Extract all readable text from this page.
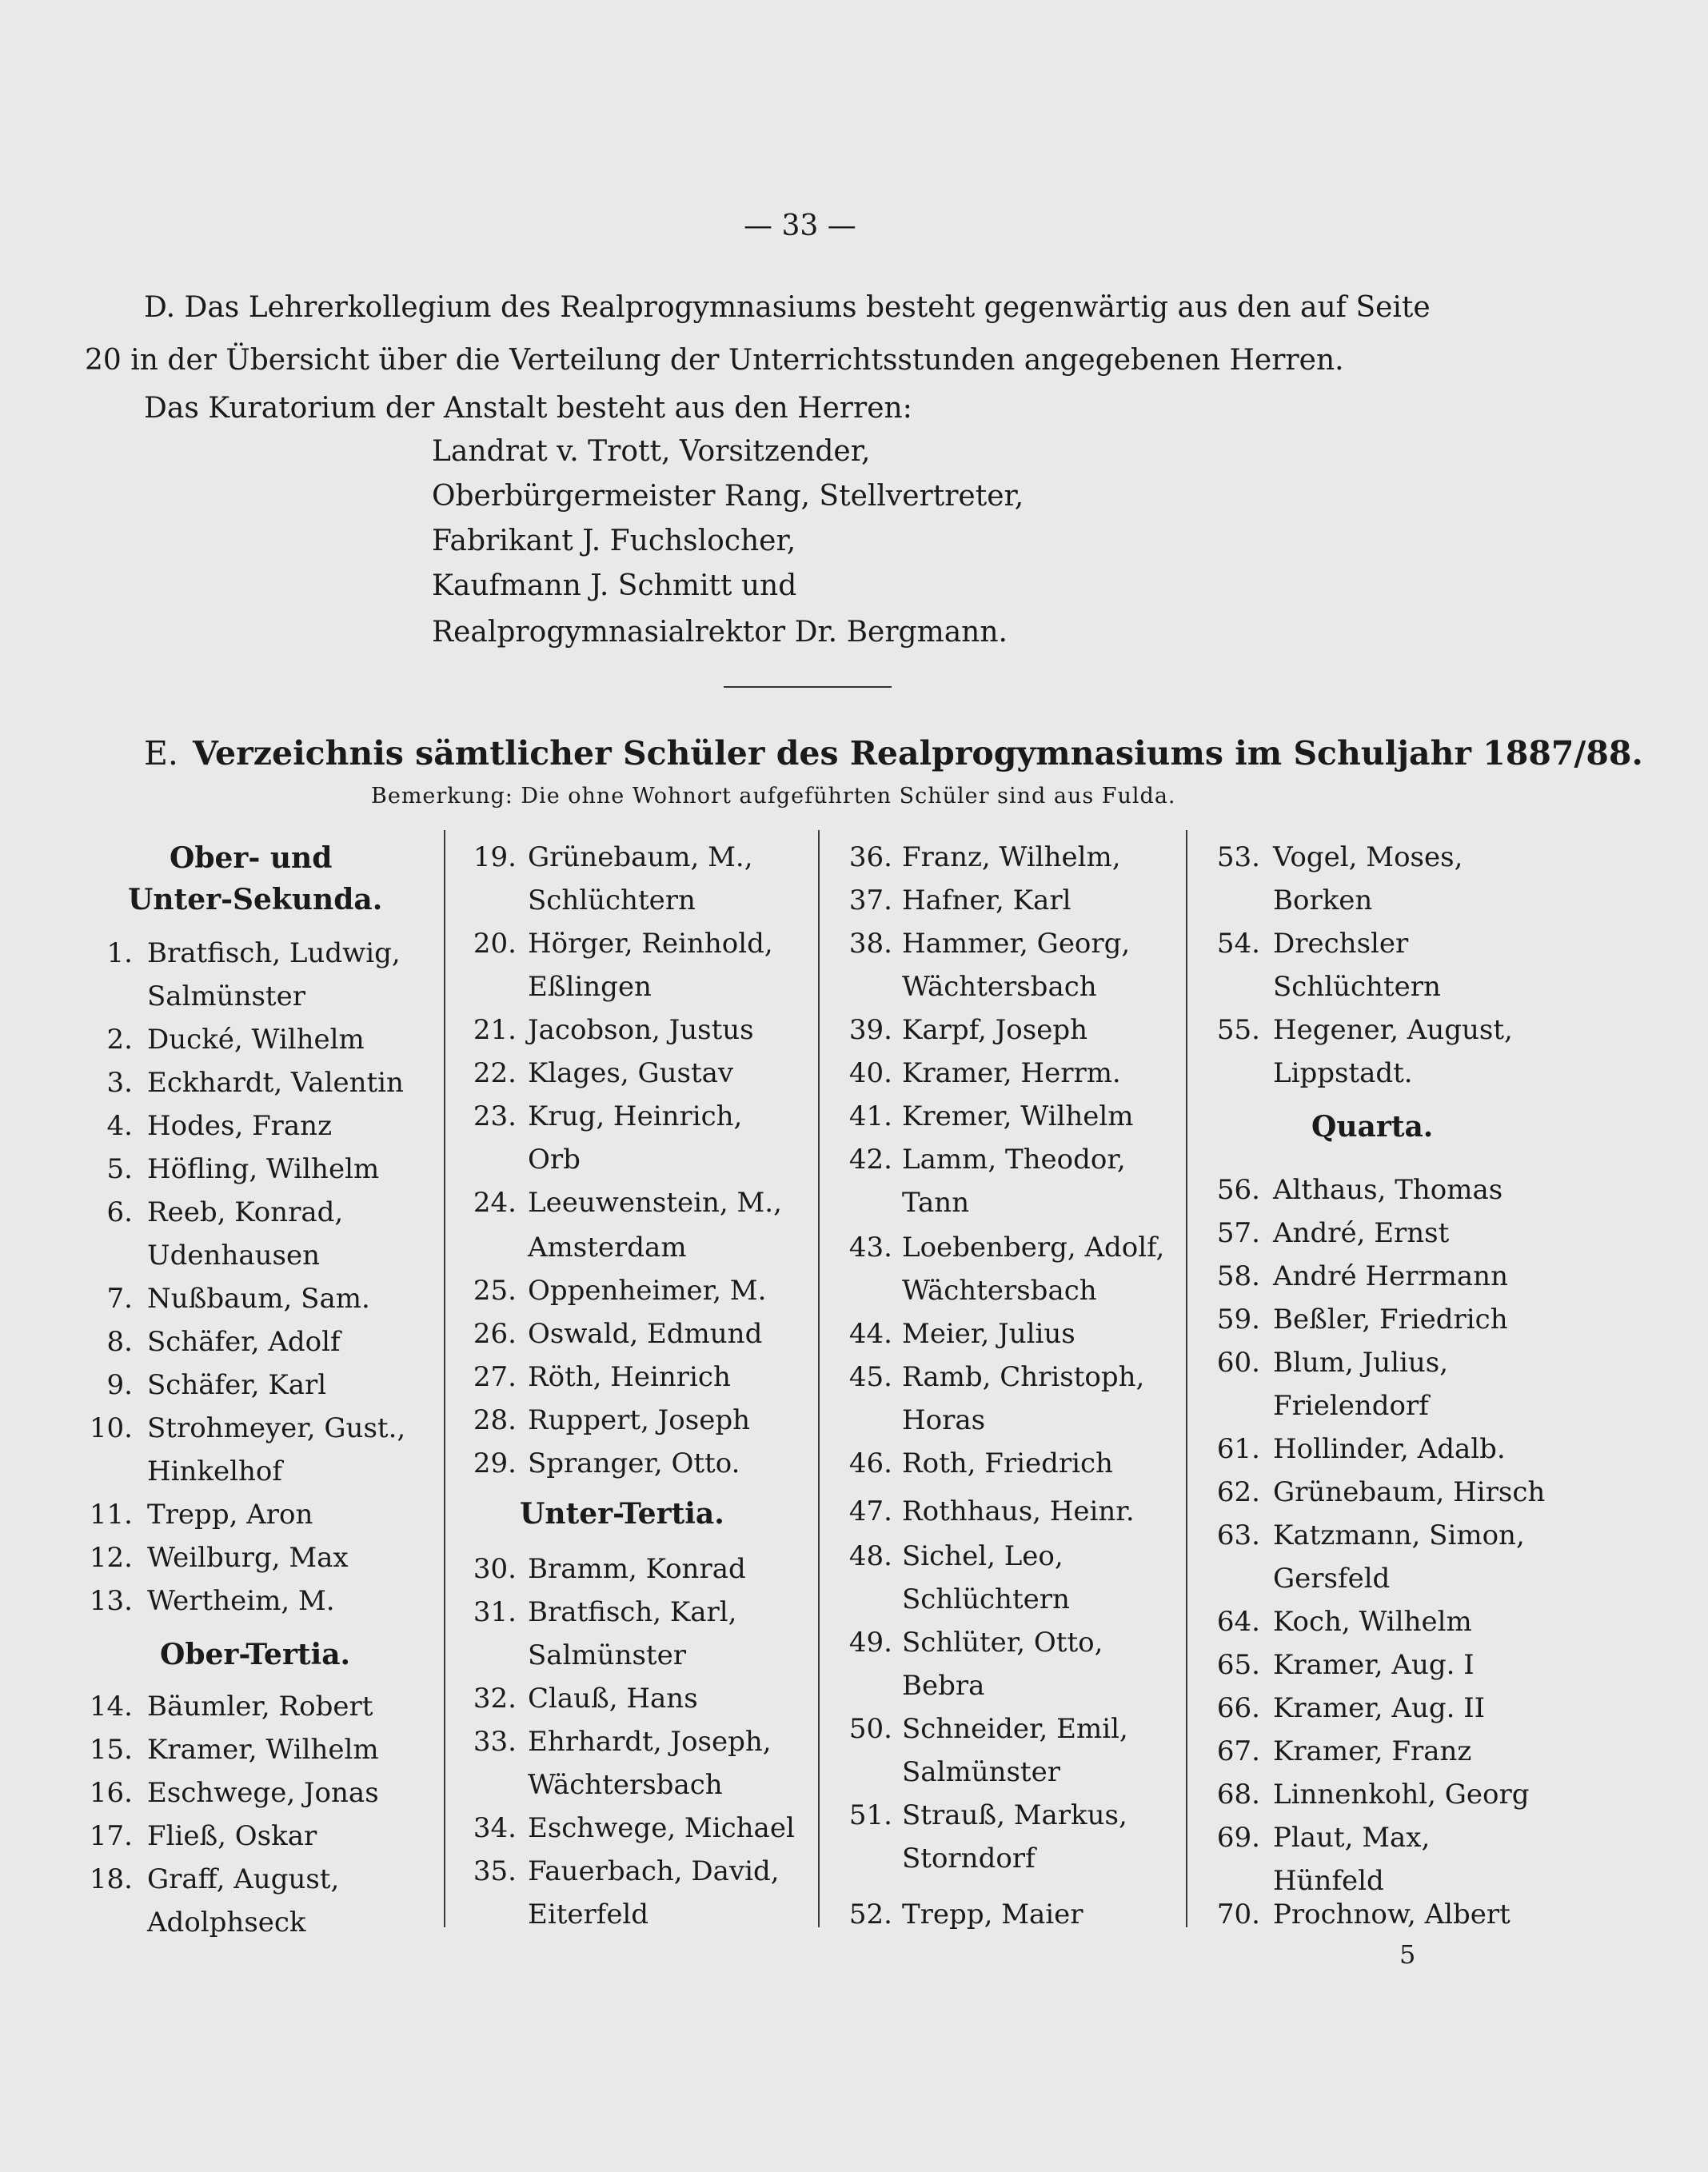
— 33 —
D. Das Lehrerkollegium des Realprogymnasiums besteht gegenwärtig aus den auf Seite
20 in der Übersicht über die Verteilung der Unterrichtsstunden angegebenen Herren.
Das Kuratorium der Anstalt besteht aus den Herren:
Landrat v. Trott, Vorsitzender,
Oberbürgermeister Rang, Stellvertreter,
Fabrikant J. Fuchslocher,
Kaufmann J. Schmitt und
Realprogymnasialrektor Dr. Bergmann.
E. Verzeichnis sämtlicher Schüler des Realprogymnasiums im Schuljahr 1887/88.
Bemerkung: Die ohne Wohnort aufgeführten Schüler sind aus Fulda.
Ober- und
Unter-Sekunda.
1. Bratfisch, Ludwig,
Salmünster
2. Ducké, Wilhelm
3. Eckhardt, Valentin
4. Hodes, Franz
5. Höfling, Wilhelm
6. Reeb, Konrad,
Udenhausen
7. Nußbaum, Sam.
8. Schäfer, Adolf
9. Schäfer, Karl
10. Strohmeyer, Gust.,
Hinkelhof
11. Trepp, Aron
12. Weilburg, Max
13. Wertheim, M.
14. Bäumler, Robert
15. Kramer, Wilhelm
16. Eschwege, Jonas
17. Fließ, Oskar
18. Graff, August,
Adolphseck
Ober-Tertia.
19. Grünebaum, M.,
Schlüchtern
20. Hörger, Reinhold,
Eßlingen
21. Jacobson, Justus
22. Klages, Gustav
23. Krug, Heinrich,
Orb
24. Leeuwenstein, M.,
Amsterdam
25. Oppenheimer, M.
26. Oswald, Edmund
27. Röth, Heinrich
28. Ruppert, Joseph
29. Spranger, Otto.
30. Bramm, Konrad
31. Bratfisch, Karl,
Salmünster
32. Clauß, Hans
33. Ehrhardt, Joseph,
Wächtersbach
34. Eschwege, Michael
35. Fauerbach, David,
Eiterfeld
Unter-Tertia.
36. Franz, Wilhelm,
37. Hafner, Karl
38. Hammer, Georg,
Wächtersbach
39. Karpf, Joseph
40. Kramer, Herrm.
41. Kremer, Wilhelm
42. Lamm, Theodor,
Tann
43. Loebenberg, Adolf,
Wächtersbach
44. Meier, Julius
45. Ramb, Christoph,
Horas
46. Roth, Friedrich
47. Rothhaus, Heinr.
48. Sichel, Leo,
Schlüchtern
49. Schlüter, Otto,
Bebra
50. Schneider, Emil,
Salmünster
51. Strauß, Markus,
Storndorf
52. Trepp, Maier
53. Vogel, Moses,
Borken
54. Drechsler
Schlüchtern
55. Hegener, August,
Lippstadt.
56. Althaus, Thomas
57. André, Ernst
58. André Herrmann
59. Beßler, Friedrich
60. Blum, Julius,
Frielendorf
61. Hollinder, Adalb.
62. Grünebaum, Hirsch
63. Katzmann, Simon,
Gersfeld
64. Koch, Wilhelm
65. Kramer, Aug. I
66. Kramer, Aug. II
67. Kramer, Franz
68. Linnenkohl, Georg
69. Plaut, Max,
Hünfeld
70. Prochnow, Albert
Quarta.
5
